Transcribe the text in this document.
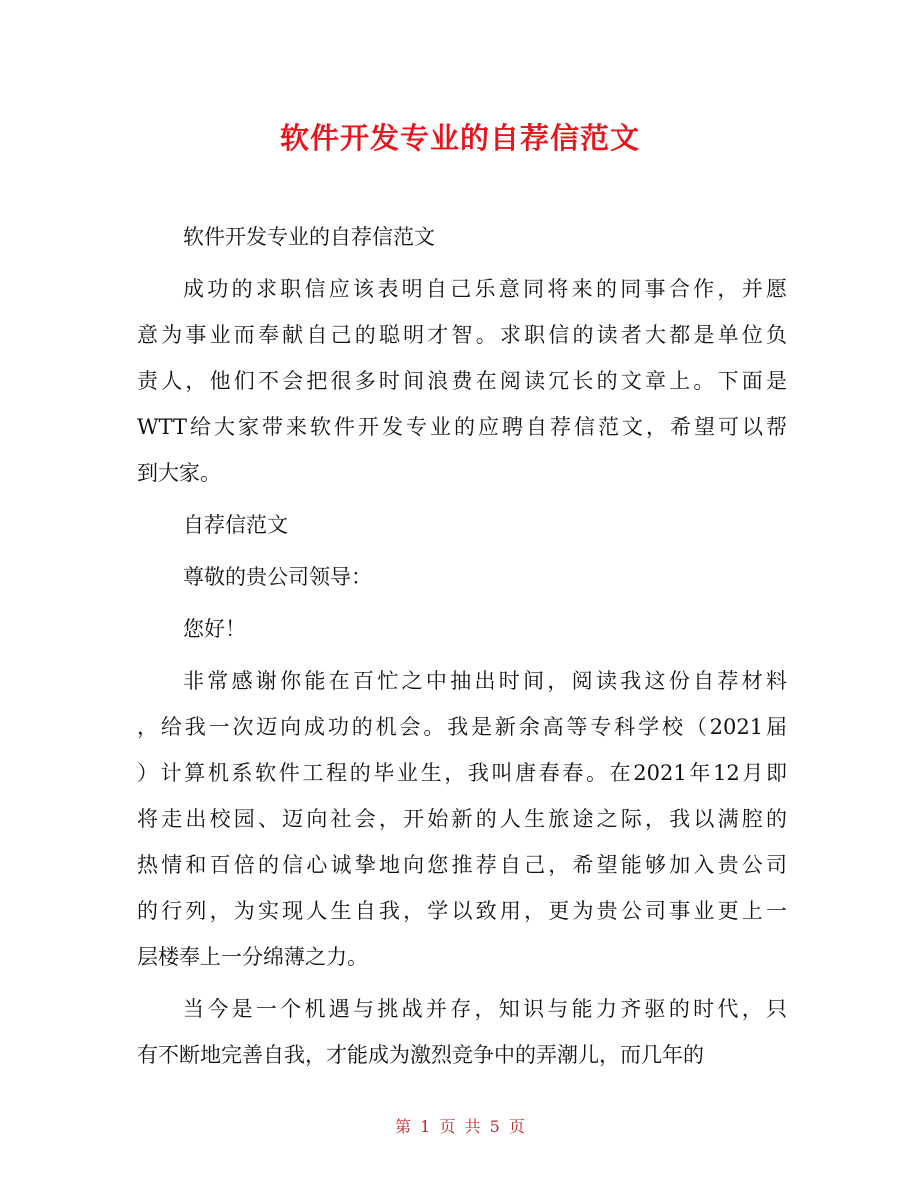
软件开发专业的自荐信范文
软件开发专业的自荐信范文
成功的求职信应该表明自己乐意同将来的同事合作，并愿
意为事业而奉献自己的聪明才智。求职信的读者大都是单位负
责人，他们不会把很多时间浪费在阅读冗长的文章上。下面是
WTT给大家带来软件开发专业的应聘自荐信范文，希望可以帮
到大家。
自荐信范文
尊敬的贵公司领导：
您好！
非常感谢你能在百忙之中抽出时间，阅读我这份自荐材料
，给我一次迈向成功的机会。我是新余高等专科学校（2021届
）计算机系软件工程的毕业生，我叫唐春春。在2021年12月即
将走出校园、迈向社会，开始新的人生旅途之际，我以满腔的
热情和百倍的信心诚挚地向您推荐自己，希望能够加入贵公司
的行列，为实现人生自我，学以致用，更为贵公司事业更上一
层楼奉上一分绵薄之力。
当今是一个机遇与挑战并存，知识与能力齐驱的时代，只
有不断地完善自我，才能成为激烈竞争中的弄潮儿，而几年的
第 1 页 共 5 页
